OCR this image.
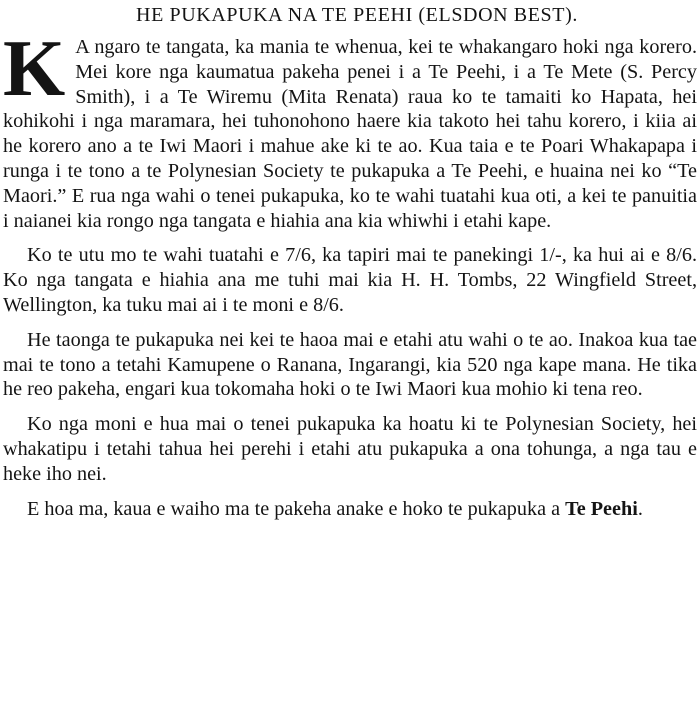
HE PUKAPUKA NA TE PEEHI (ELSDON BEST).

K A ngaro te tangata, ka mania te whenua, kei te whakangaro hoki nga korero. Mei kore nga kaumatua pakeha penei i a Te Peehi, i a Te Mete (S. Percy Smith), i a Te Wiremu (Mita Renata) raua ko te tamaiti ko Hapata, hei kohikohi i nga maramara, hei tuhonohono haere kia takoto hei tahu korero, i kiia ai he korero ano a te Iwi Maori i mahue ake ki te ao. Kua taia e te Poari Whakapapa i runga i te tono a te Polynesian Society te pukapuka a Te Peehi, e huaina nei ko “Te Maori.” E rua nga wahi o tenei pukapuka, ko te wahi tuatahi kua oti, a kei te panuitia i naianei kia rongo nga tangata e hiahia ana kia whiwhi i etahi kape.

Ko te utu mo te wahi tuatahi e 7/6, ka tapiri mai te panekingi 1/-, ka hui ai e 8/6. Ko nga tangata e hiahia ana me tuhi mai kia H. H. Tombs, 22 Wingfield Street, Wellington, ka tuku mai ai i te moni e 8/6.

He taonga te pukapuka nei kei te haoa mai e etahi atu wahi o te ao. Inakoa kua tae mai te tono a tetahi Kamupene o Ranana, Ingarangi, kia 520 nga kape mana. He tika he reo pakeha, engari kua tokomaha hoki o te Iwi Maori kua mohio ki tena reo.

Ko nga moni e hua mai o tenei pukapuka ka hoatu ki te Polynesian Society, hei whakatipu i tetahi tahua hei perehi i etahi atu pukapuka a ona tohunga, a nga tau e heke iho nei.

E hoa ma, kaua e waiho ma te pakeha anake e hoko te pukapuka a Te Peehi.
